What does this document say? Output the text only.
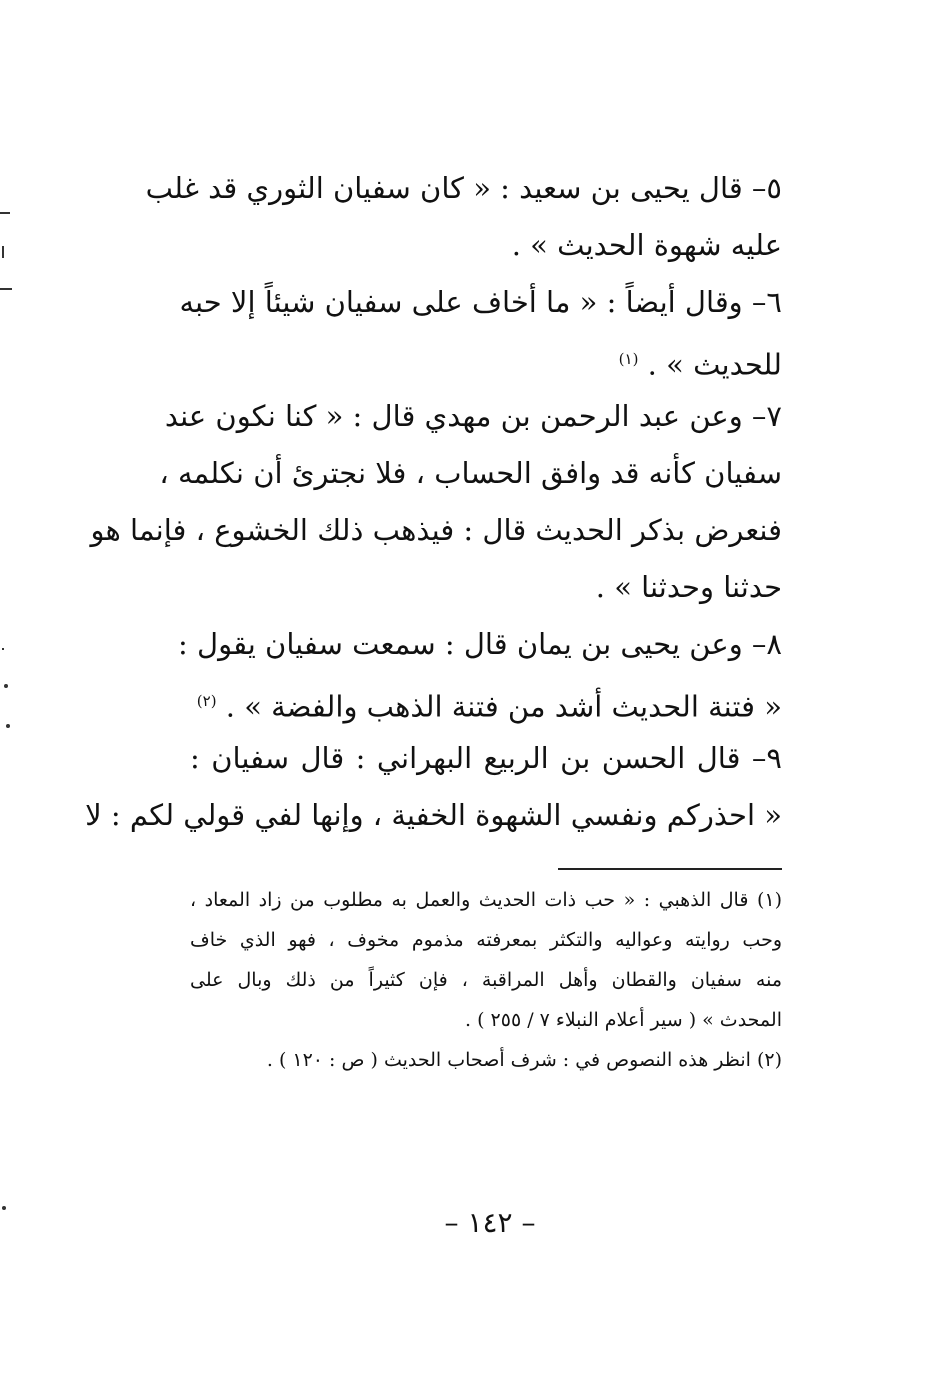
٥– قال يحيى بن سعيد : « كان سفيان الثوري قد غلب
عليه شهوة الحديث » .
٦– وقال أيضاً : « ما أخاف على سفيان شيئاً إلا حبه
للحديث » . $^{(١)}$
٧– وعن عبد الرحمن بن مهدي قال : « كنا نكون عند
سفيان كأنه قد وافق الحساب ، فلا نجترئ أن نكلمه ،
فنعرض بذكر الحديث قال : فيذهب ذلك الخشوع ، فإنما هو
حدثنا وحدثنا » .
٨– وعن يحيى بن يمان قال : سمعت سفيان يقول :
« فتنة الحديث أشد من فتنة الذهب والفضة » . $^{(٢)}$
٩– قال الحسن بن الربيع البهراني : قال سفيان :
« احذركم ونفسي الشهوة الخفية ، وإنها لفي قولي لكم : لا
(١) قال الذهبي : « حب ذات الحديث والعمل به مطلوب من زاد المعاد ،
وحب روايته وعواليه والتكثر بمعرفته مذموم مخوف ، فهو الذي خاف
منه سفيان والقطان وأهل المراقبة ، فإن كثيراً من ذلك وبال على
المحدث » ( سير أعلام النبلاء ٧ / ٢٥٥ ) .
(٢) انظر هذه النصوص في : شرف أصحاب الحديث ( ص : ١٢٠ ) .
– ١٤٢ –
